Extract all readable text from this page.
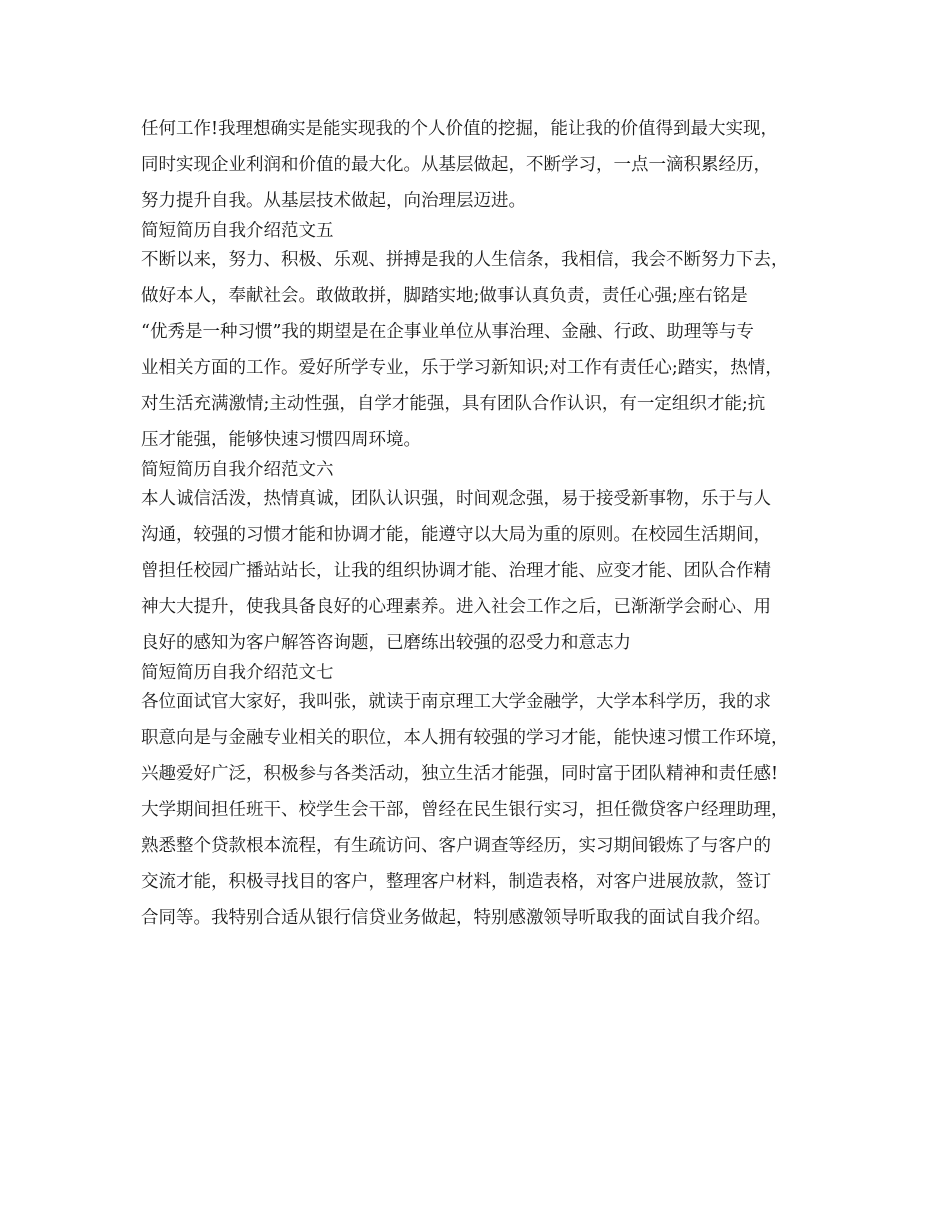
任何工作!我理想确实是能实现我的个人价值的挖掘，能让我的价值得到最大实现，
同时实现企业利润和价值的最大化。从基层做起，不断学习，一点一滴积累经历，
努力提升自我。从基层技术做起，向治理层迈进。
简短简历自我介绍范文五
不断以来，努力、积极、乐观、拼搏是我的人生信条，我相信，我会不断努力下去，
做好本人，奉献社会。敢做敢拼，脚踏实地;做事认真负责，责任心强;座右铭是
“优秀是一种习惯”我的期望是在企事业单位从事治理、金融、行政、助理等与专
业相关方面的工作。爱好所学专业，乐于学习新知识;对工作有责任心;踏实，热情，
对生活充满激情;主动性强，自学才能强，具有团队合作认识，有一定组织才能;抗
压才能强，能够快速习惯四周环境。
简短简历自我介绍范文六
本人诚信活泼，热情真诚，团队认识强，时间观念强，易于接受新事物，乐于与人
沟通，较强的习惯才能和协调才能，能遵守以大局为重的原则。在校园生活期间，
曾担任校园广播站站长，让我的组织协调才能、治理才能、应变才能、团队合作精
神大大提升，使我具备良好的心理素养。进入社会工作之后，已渐渐学会耐心、用
良好的感知为客户解答咨询题，已磨练出较强的忍受力和意志力
简短简历自我介绍范文七
各位面试官大家好，我叫张，就读于南京理工大学金融学，大学本科学历，我的求
职意向是与金融专业相关的职位，本人拥有较强的学习才能，能快速习惯工作环境，
兴趣爱好广泛，积极参与各类活动，独立生活才能强，同时富于团队精神和责任感!
大学期间担任班干、校学生会干部，曾经在民生银行实习，担任微贷客户经理助理，
熟悉整个贷款根本流程，有生疏访问、客户调查等经历，实习期间锻炼了与客户的
交流才能，积极寻找目的客户，整理客户材料，制造表格，对客户进展放款，签订
合同等。我特别合适从银行信贷业务做起，特别感激领导听取我的面试自我介绍。
